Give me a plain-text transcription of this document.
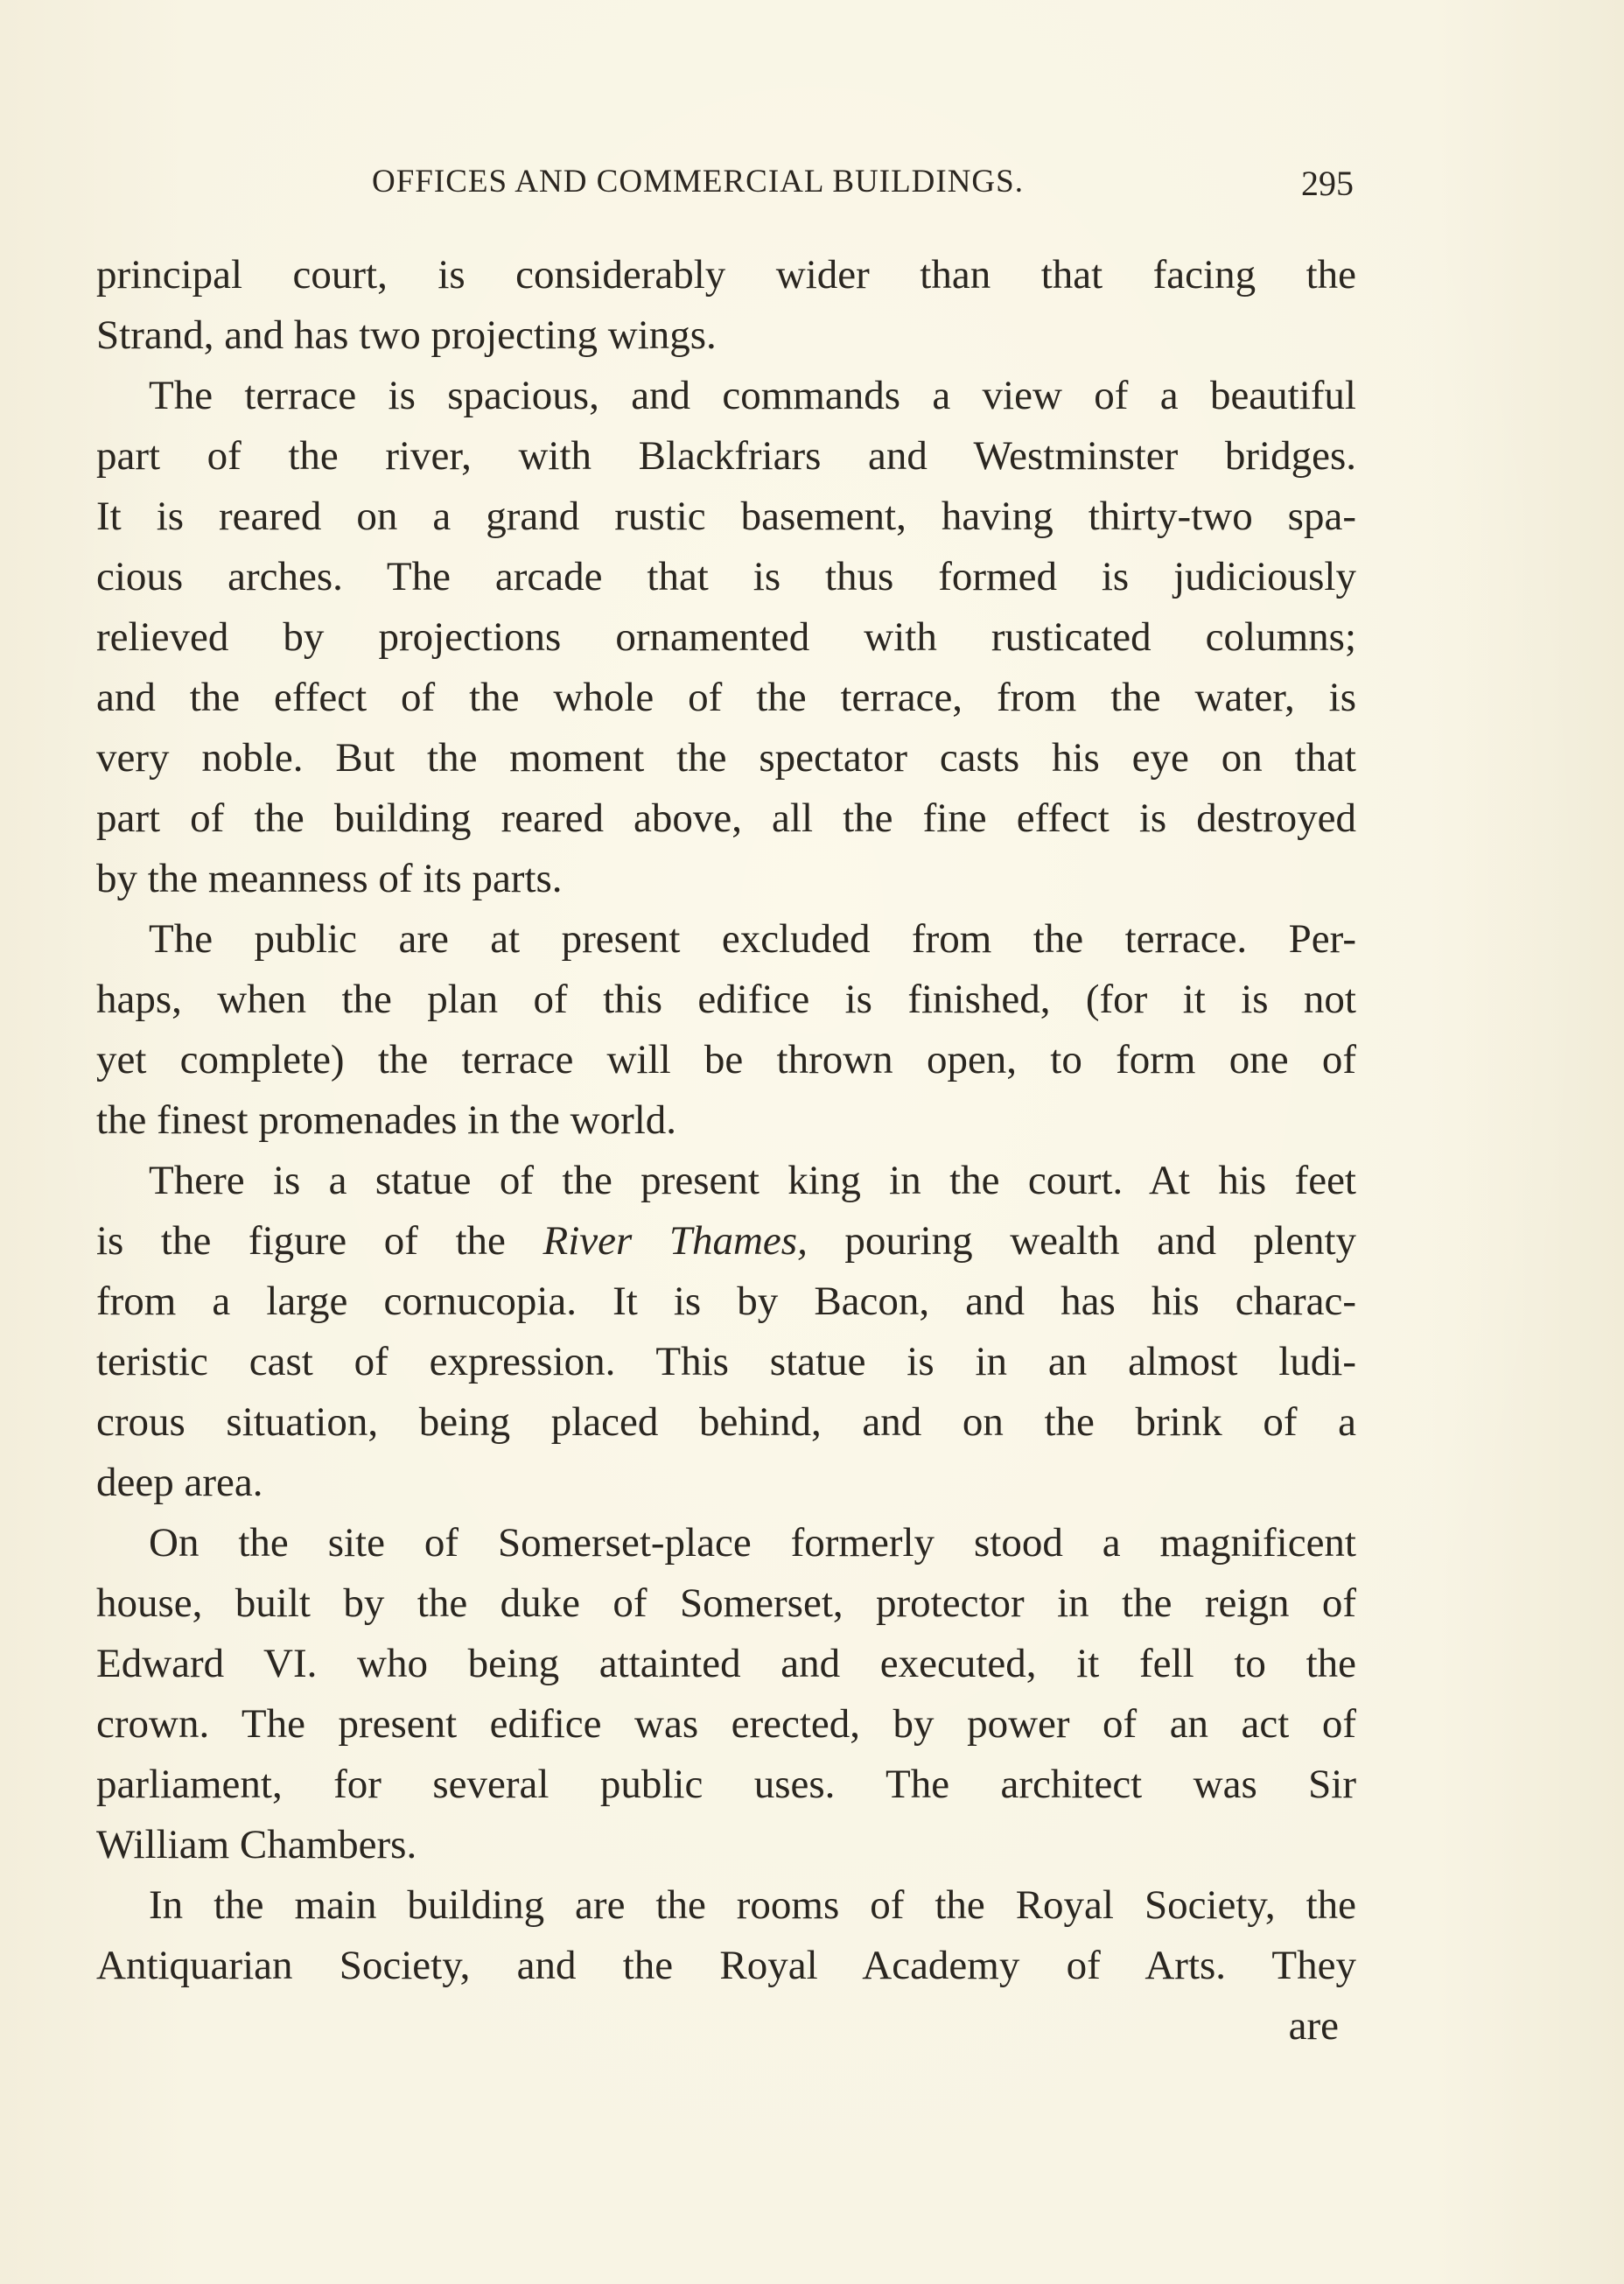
OFFICES AND COMMERCIAL BUILDINGS.	295
principal court, is considerably wider than that facing the
Strand, and has two projecting wings.
The terrace is spacious, and commands a view of a beautiful
part of the river, with Blackfriars and Westminster bridges.
It is reared on a grand rustic basement, having thirty-two spa-
cious arches. The arcade that is thus formed is judiciously
relieved by projections ornamented with rusticated columns;
and the effect of the whole of the terrace, from the water, is
very noble. But the moment the spectator casts his eye on that
part of the building reared above, all the fine effect is destroyed
by the meanness of its parts.
The public are at present excluded from the terrace. Per-
haps, when the plan of this edifice is finished, (for it is not
yet complete) the terrace will be thrown open, to form one of
the finest promenades in the world.
There is a statue of the present king in the court. At his feet
is the figure of the River Thames, pouring wealth and plenty
from a large cornucopia. It is by Bacon, and has his charac-
teristic cast of expression. This statue is in an almost ludi-
crous situation, being placed behind, and on the brink of a
deep area.
On the site of Somerset-place formerly stood a magnificent
house, built by the duke of Somerset, protector in the reign of
Edward VI. who being attainted and executed, it fell to the
crown. The present edifice was erected, by power of an act of
parliament, for several public uses. The architect was Sir
William Chambers.
In the main building are the rooms of the Royal Society, the
Antiquarian Society, and the Royal Academy of Arts. They
are
